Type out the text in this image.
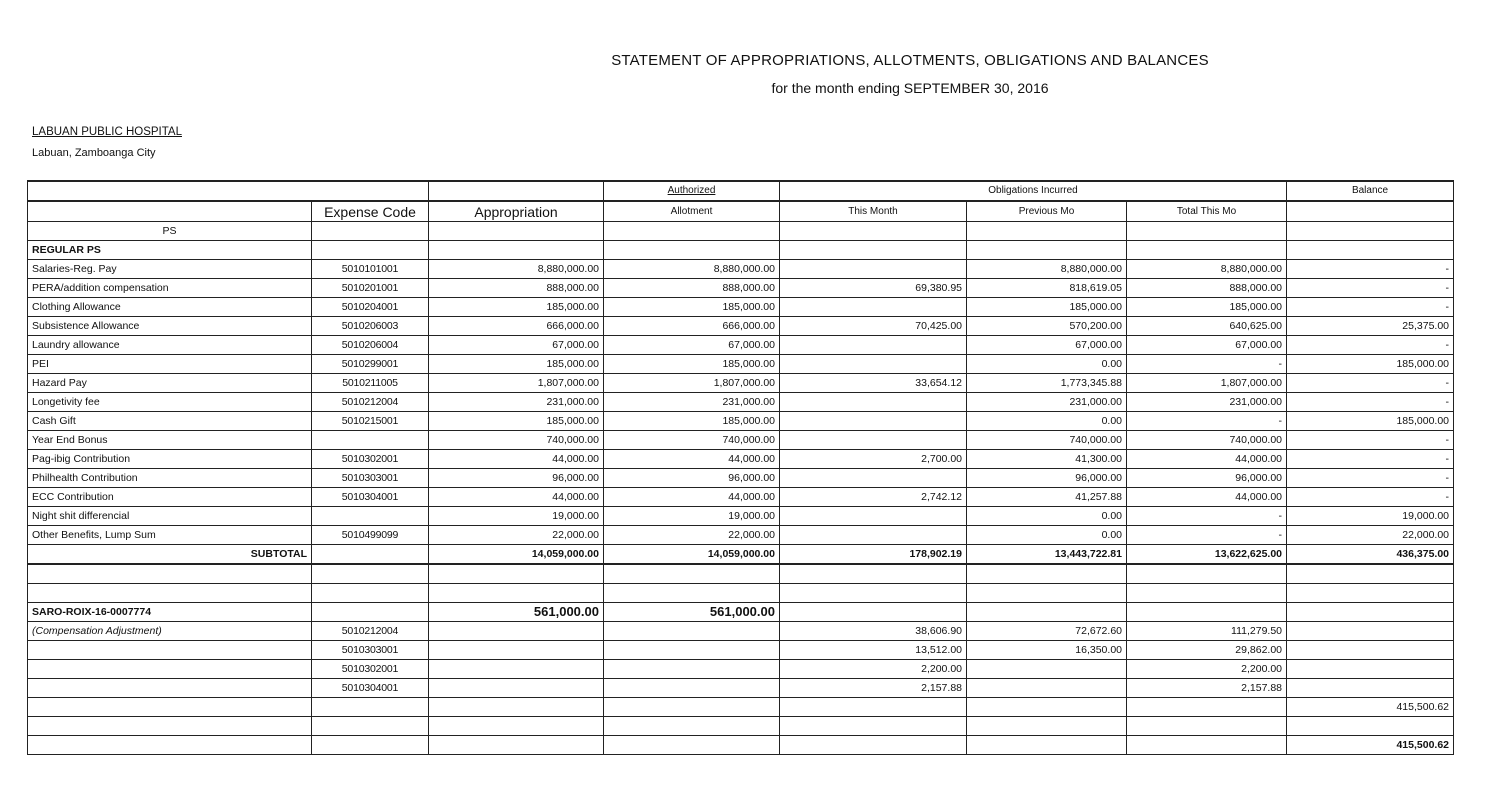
STATEMENT OF APPROPRIATIONS, ALLOTMENTS, OBLIGATIONS AND BALANCES
for the month ending SEPTEMBER 30, 2016
LABUAN PUBLIC HOSPITAL
Labuan, Zamboanga City
			Authorized	Obligations Incurred			Balance
	Expense Code	Appropriation	Allotment	This Month	Previous Mo	Total This Mo	
PS							
REGULAR PS							
Salaries-Reg. Pay	5010101001	8,880,000.00	8,880,000.00		8,880,000.00	8,880,000.00	-
PERA/addition compensation	5010201001	888,000.00	888,000.00	69,380.95	818,619.05	888,000.00	-
Clothing Allowance	5010204001	185,000.00	185,000.00		185,000.00	185,000.00	-
Subsistence Allowance	5010206003	666,000.00	666,000.00	70,425.00	570,200.00	640,625.00	25,375.00
Laundry allowance	5010206004	67,000.00	67,000.00		67,000.00	67,000.00	-
PEI	5010299001	185,000.00	185,000.00		0.00	-	185,000.00
Hazard Pay	5010211005	1,807,000.00	1,807,000.00	33,654.12	1,773,345.88	1,807,000.00	-
Longetivity fee	5010212004	231,000.00	231,000.00		231,000.00	231,000.00	-
Cash Gift	5010215001	185,000.00	185,000.00		0.00	-	185,000.00
Year End Bonus		740,000.00	740,000.00		740,000.00	740,000.00	-
Pag-ibig Contribution	5010302001	44,000.00	44,000.00	2,700.00	41,300.00	44,000.00	-
Philhealth Contribution	5010303001	96,000.00	96,000.00		96,000.00	96,000.00	-
ECC Contribution	5010304001	44,000.00	44,000.00	2,742.12	41,257.88	44,000.00	-
Night shit differencial		19,000.00	19,000.00		0.00	-	19,000.00
Other Benefits, Lump Sum	5010499099	22,000.00	22,000.00		0.00	-	22,000.00
SUBTOTAL		14,059,000.00	14,059,000.00	178,902.19	13,443,722.81	13,622,625.00	436,375.00

SARO-ROIX-16-0007774		561,000.00	561,000.00				
(Compensation Adjustment)	5010212004			38,606.90	72,672.60	111,279.50	
	5010303001			13,512.00	16,350.00	29,862.00	
	5010302001			2,200.00		2,200.00	
	5010304001			2,157.88		2,157.88	
							415,500.62

							415,500.62
